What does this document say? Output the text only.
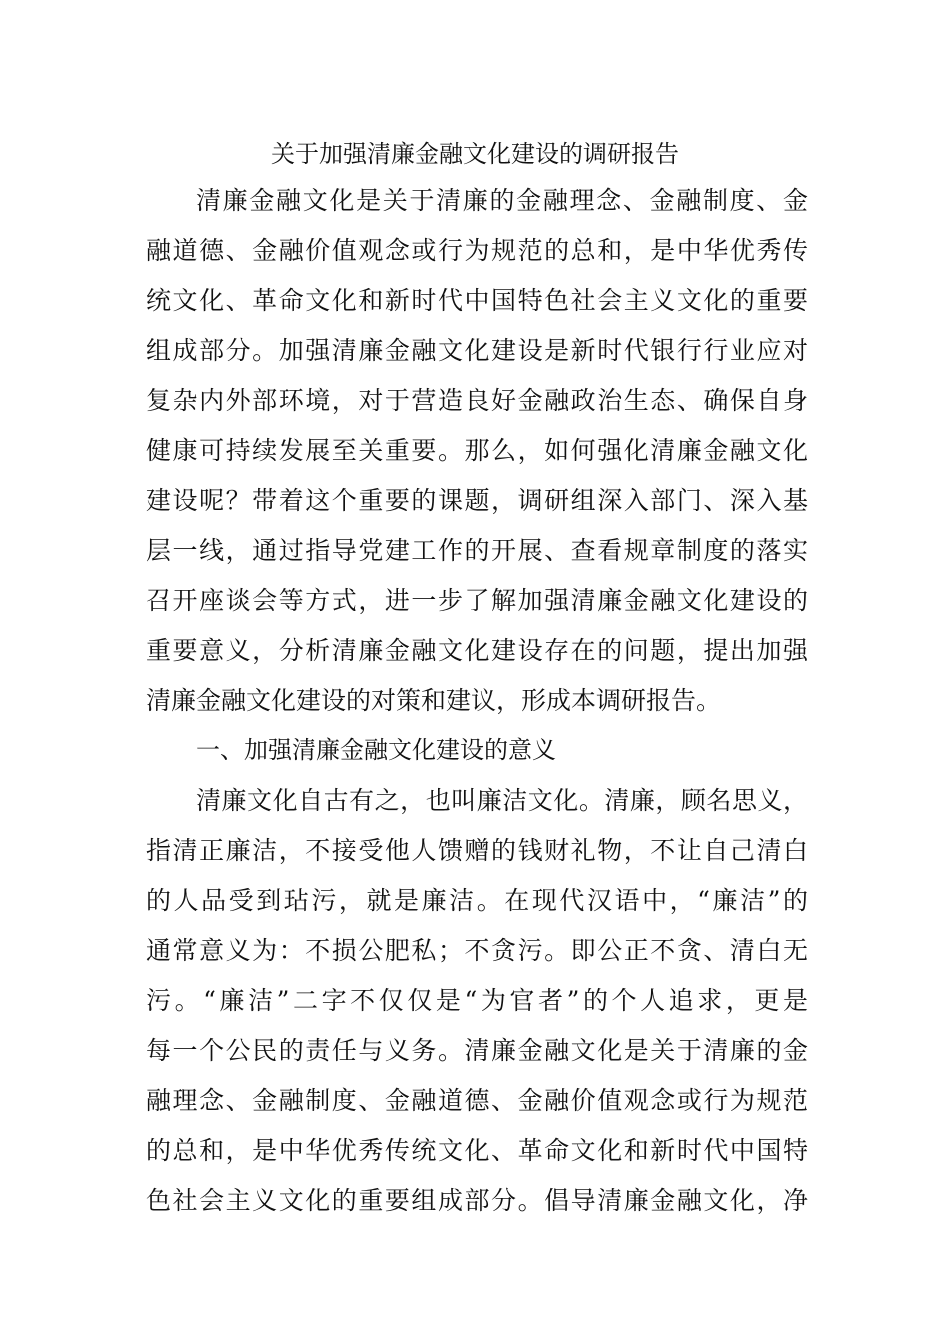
关于加强清廉金融文化建设的调研报告
清廉金融文化是关于清廉的金融理念、金融制度、金
融道德、金融价值观念或行为规范的总和，是中华优秀传
统文化、革命文化和新时代中国特色社会主义文化的重要
组成部分。加强清廉金融文化建设是新时代银行行业应对
复杂内外部环境，对于营造良好金融政治生态、确保自身
健康可持续发展至关重要。那么，如何强化清廉金融文化
建设呢？带着这个重要的课题，调研组深入部门、深入基
层一线，通过指导党建工作的开展、查看规章制度的落实
召开座谈会等方式，进一步了解加强清廉金融文化建设的
重要意义，分析清廉金融文化建设存在的问题，提出加强
清廉金融文化建设的对策和建议，形成本调研报告。
一、加强清廉金融文化建设的意义
清廉文化自古有之，也叫廉洁文化。清廉，顾名思义，
指清正廉洁，不接受他人馈赠的钱财礼物，不让自己清白
的人品受到玷污，就是廉洁。在现代汉语中，“廉洁”的
通常意义为：不损公肥私；不贪污。即公正不贪、清白无
污。“廉洁”二字不仅仅是“为官者”的个人追求，更是
每一个公民的责任与义务。清廉金融文化是关于清廉的金
融理念、金融制度、金融道德、金融价值观念或行为规范
的总和，是中华优秀传统文化、革命文化和新时代中国特
色社会主义文化的重要组成部分。倡导清廉金融文化，净
